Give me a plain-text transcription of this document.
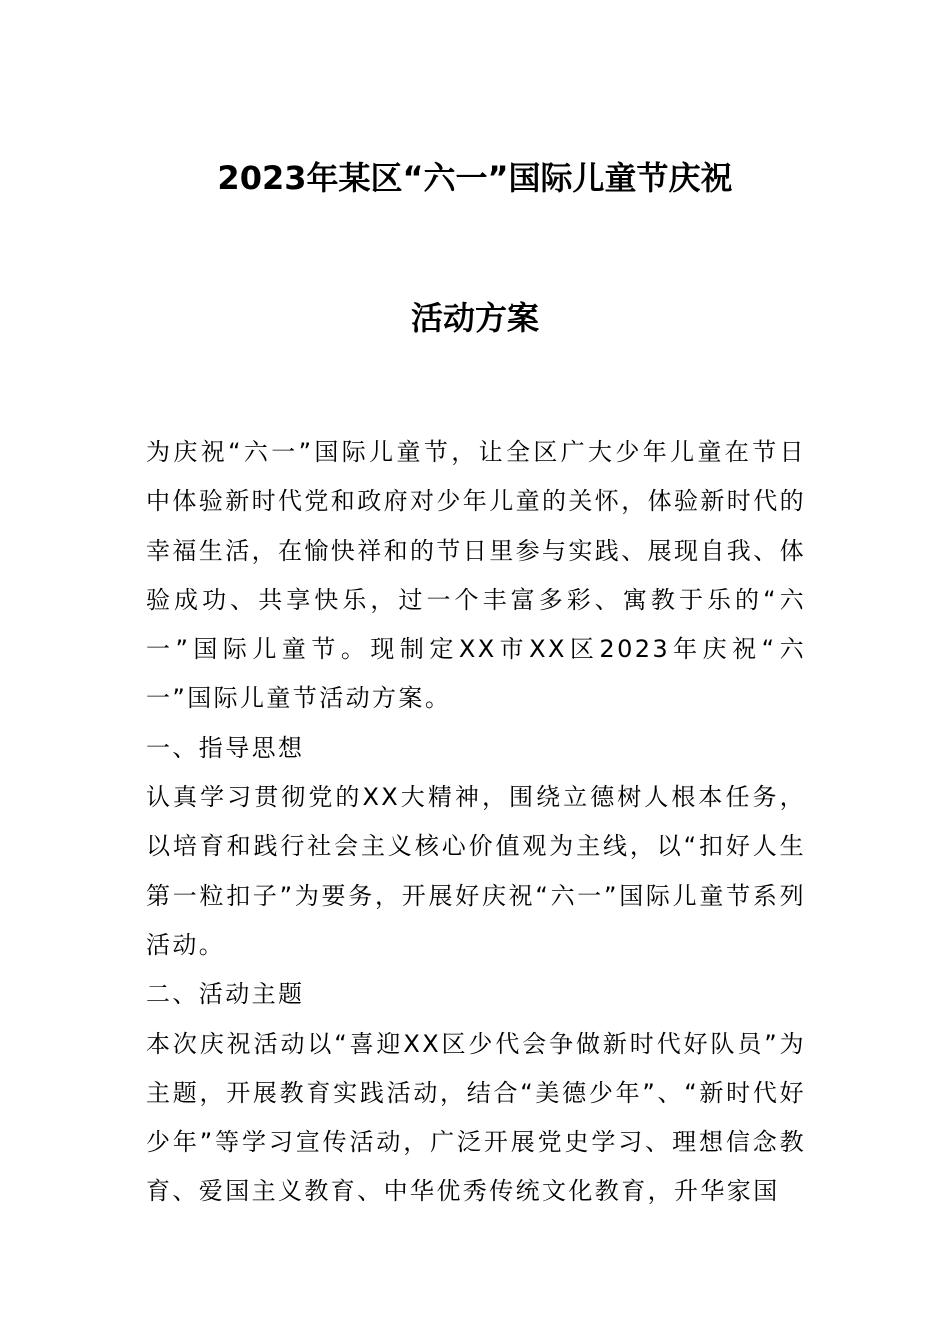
2023年某区“六一”国际儿童节庆祝
活动方案

为庆祝“六一”国际儿童节，让全区广大少年儿童在节日中体验新时代党和政府对少年儿童的关怀，体验新时代的幸福生活，在愉快祥和的节日里参与实践、展现自我、体验成功、共享快乐，过一个丰富多彩、寓教于乐的“六一”国际儿童节。现制定XX市XX区2023年庆祝“六一”国际儿童节活动方案。

一、指导思想

认真学习贯彻党的XX大精神，围绕立德树人根本任务，以培育和践行社会主义核心价值观为主线，以“扣好人生第一粒扣子”为要务，开展好庆祝“六一”国际儿童节系列活动。

二、活动主题

本次庆祝活动以“喜迎XX区少代会争做新时代好队员”为主题，开展教育实践活动，结合“美德少年”、“新时代好少年”等学习宣传活动，广泛开展党史学习、理想信念教育、爱国主义教育、中华优秀传统文化教育，升华家国
